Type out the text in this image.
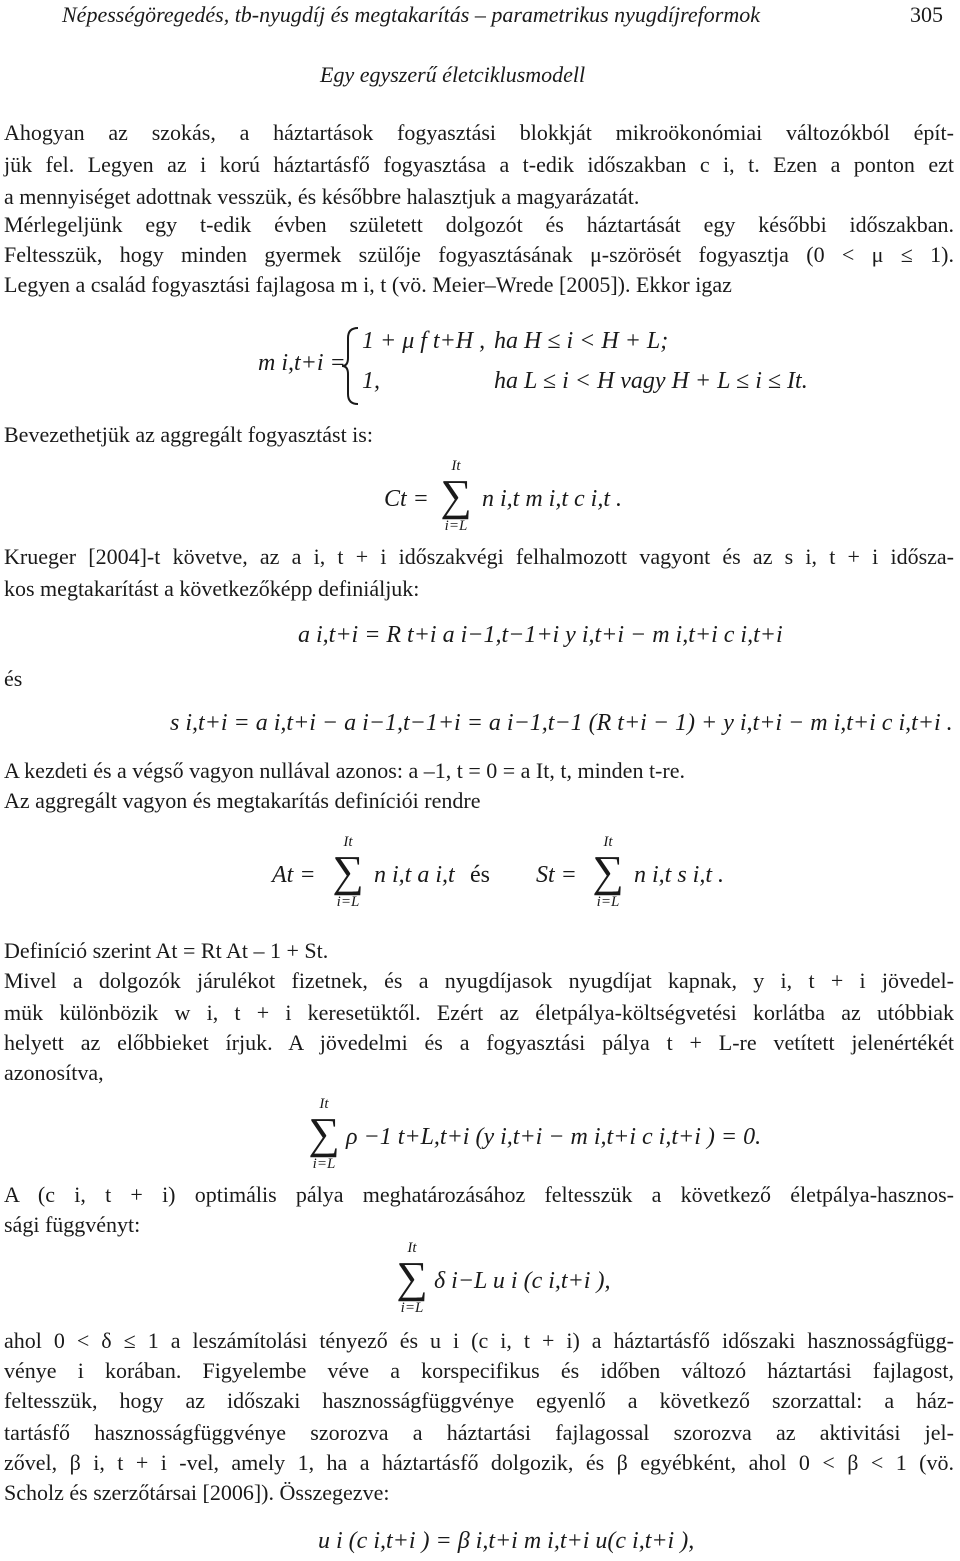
Népességöregedés, tb-nyugdíj és megtakarítás – parametrikus nyugdíjreformok	305
Egy egyszerű életciklusmodell
Ahogyan az szokás, a háztartások fogyasztási blokkját mikroökonómiai változókból épít-
jük fel. Legyen az i korú háztartásfő fogyasztása a t-edik időszakban c i, t. Ezen a ponton ezt
a mennyiséget adottnak vesszük, és későbbre halasztjuk a magyarázatát.
Mérlegeljünk egy t-edik évben született dolgozót és háztartását egy későbbi időszakban.
Feltesszük, hogy minden gyermek szülője fogyasztásának μ-szörösét fogyasztja (0 < μ ≤ 1).
Legyen a család fogyasztási fajlagosa m i, t (vö. Meier–Wrede [2005]). Ekkor igaz
m i,t+i =
1 + μ f t+H , ha H ≤ i < H + L;
1,	ha L ≤ i < H vagy H + L ≤ i ≤ It.
Bevezethetjük az aggregált fogyasztást is:
Ct =
It
∑
i=L
n i,t m i,t c i,t .
Krueger [2004]-t követve, az a i, t + i időszakvégi felhalmozott vagyont és az s i, t + i idősza-
kos megtakarítást a következőképp definiáljuk:
a i,t+i = R t+i a i−1,t−1+i y i,t+i − m i,t+i c i,t+i
és
s i,t+i = a i,t+i − a i−1,t−1+i = a i−1,t−1 (R t+i − 1) + y i,t+i − m i,t+i c i,t+i .
A kezdeti és a végső vagyon nullával azonos: a –1, t = 0 = a It, t, minden t-re.
Az aggregált vagyon és megtakarítás definíciói rendre
At =
It
∑
i=L
n i,t a i,t és St =
It
∑
i=L
n i,t s i,t .
Definíció szerint At = Rt At – 1 + St.
Mivel a dolgozók járulékot fizetnek, és a nyugdíjasok nyugdíjat kapnak, y i, t + i jövedel-
mük különbözik w i, t + i keresetüktől. Ezért az életpálya-költségvetési korlátba az utóbbiak
helyett az előbbieket írjuk. A jövedelmi és a fogyasztási pálya t + L-re vetített jelenértékét
azonosítva,
It
∑
i=L
ρ −1 t+L,t+i (y i,t+i − m i,t+i c i,t+i ) = 0.
A (c i, t + i) optimális pálya meghatározásához feltesszük a következő életpálya-hasznos-
sági függvényt:
It
∑
i=L
δ i−L u i (c i,t+i ),
ahol 0 < δ ≤ 1 a leszámítolási tényező és u i (c i, t + i) a háztartásfő időszaki hasznosságfügg-
vénye i korában. Figyelembe véve a korspecifikus és időben változó háztartási fajlagost,
feltesszük, hogy az időszaki hasznosságfüggvénye egyenlő a következő szorzattal: a ház-
tartásfő hasznosságfüggvénye szorozva a háztartási fajlagossal szorozva az aktivitási jel-
zővel, β i, t + i -vel, amely 1, ha a háztartásfő dolgozik, és β egyébként, ahol 0 < β < 1 (vö.
Scholz és szerzőtársai [2006]). Összegezve:
u i (c i,t+i ) = β i,t+i m i,t+i u(c i,t+i ),
